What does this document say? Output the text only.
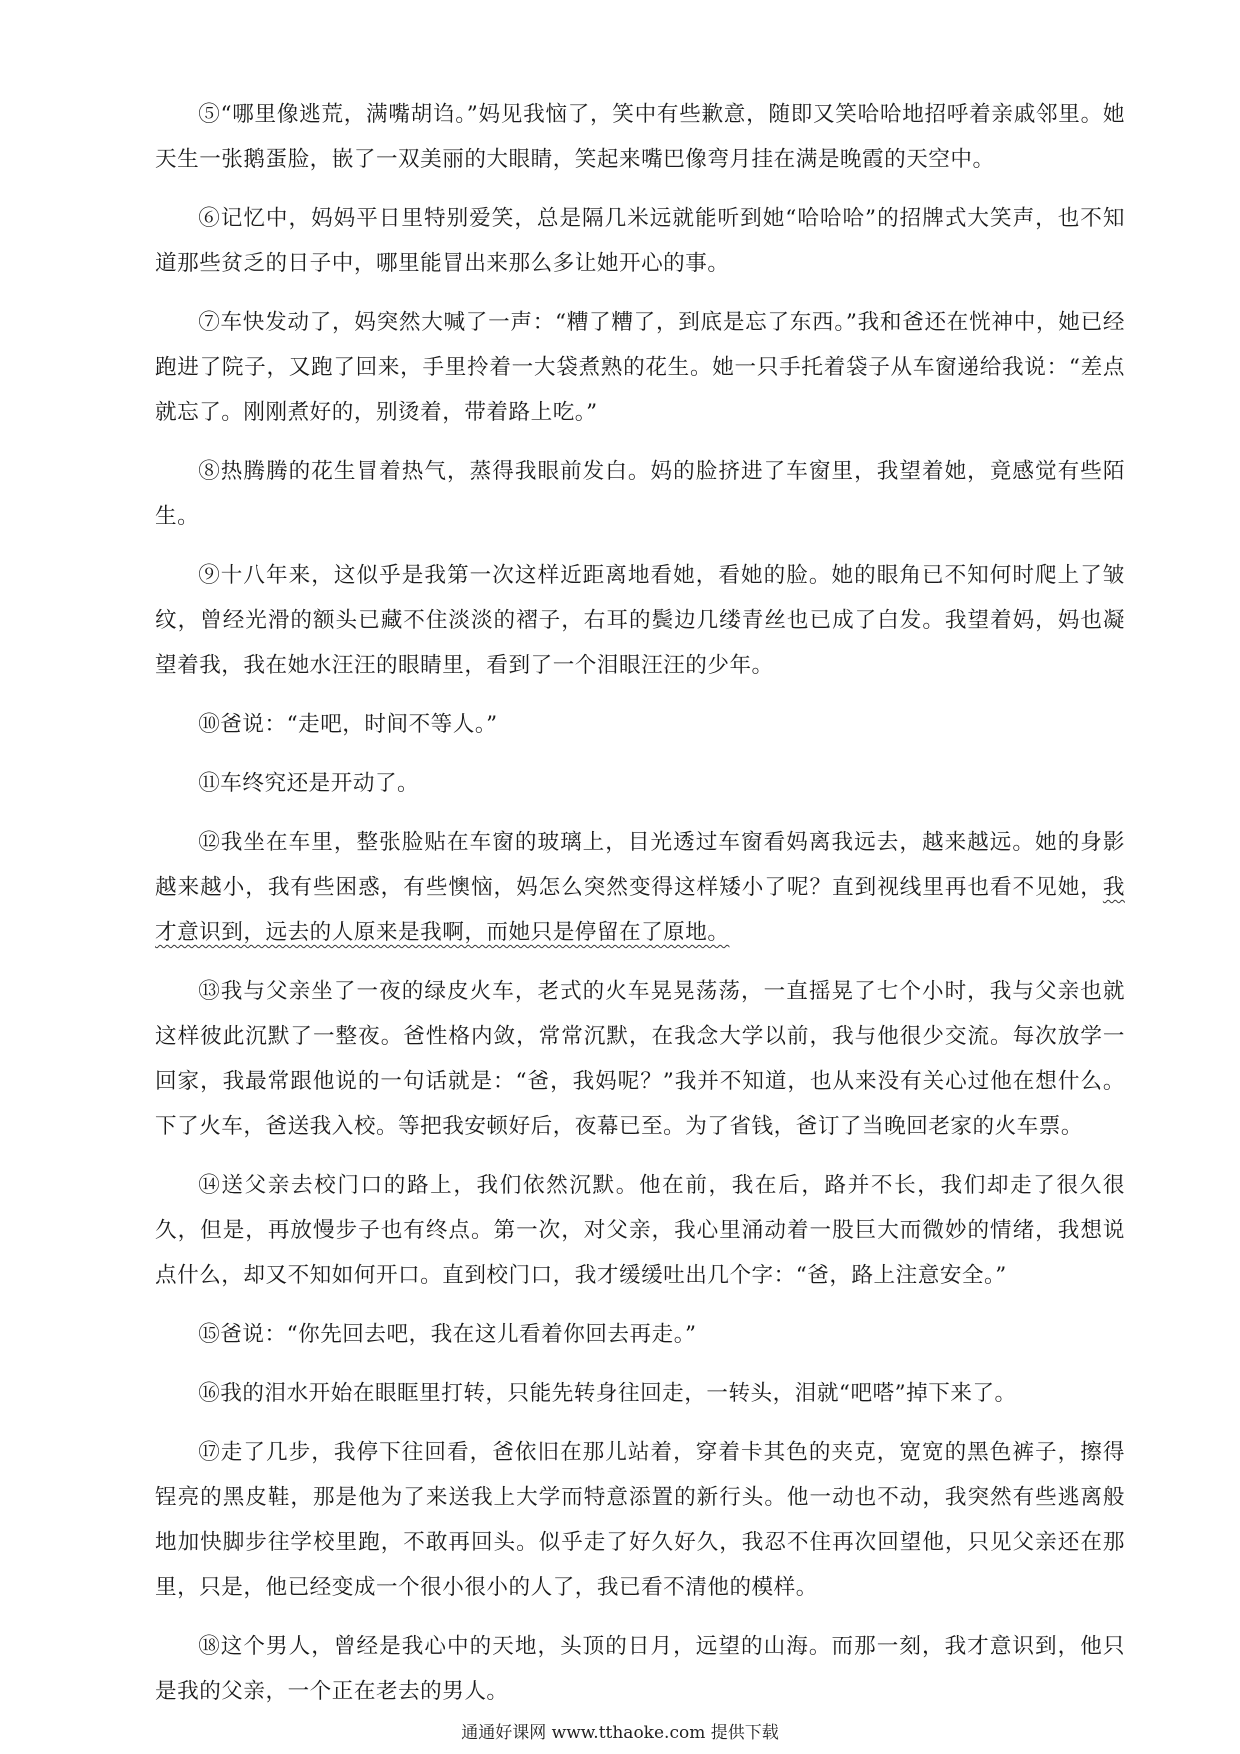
⑤“哪里像逃荒，满嘴胡诌。”妈见我恼了，笑中有些歉意，随即又笑哈哈地招呼着亲戚邻里。她天生一张鹅蛋脸，嵌了一双美丽的大眼睛，笑起来嘴巴像弯月挂在满是晚霞的天空中。

⑥记忆中，妈妈平日里特别爱笑，总是隔几米远就能听到她“哈哈哈”的招牌式大笑声，也不知道那些贫乏的日子中，哪里能冒出来那么多让她开心的事。

⑦车快发动了，妈突然大喊了一声：“糟了糟了，到底是忘了东西。”我和爸还在恍神中，她已经跑进了院子，又跑了回来，手里拎着一大袋煮熟的花生。她一只手托着袋子从车窗递给我说：“差点就忘了。刚刚煮好的，别烫着，带着路上吃。”

⑧热腾腾的花生冒着热气，蒸得我眼前发白。妈的脸挤进了车窗里，我望着她，竟感觉有些陌生。

⑨十八年来，这似乎是我第一次这样近距离地看她，看她的脸。她的眼角已不知何时爬上了皱纹，曾经光滑的额头已藏不住淡淡的褶子，右耳的鬓边几缕青丝也已成了白发。我望着妈，妈也凝望着我，我在她水汪汪的眼睛里，看到了一个泪眼汪汪的少年。

⑩爸说：“走吧，时间不等人。”

⑪车终究还是开动了。

⑫我坐在车里，整张脸贴在车窗的玻璃上，目光透过车窗看妈离我远去，越来越远。她的身影越来越小，我有些困惑，有些懊恼，妈怎么突然变得这样矮小了呢？直到视线里再也看不见她，我才意识到，远去的人原来是我啊，而她只是停留在了原地。

⑬我与父亲坐了一夜的绿皮火车，老式的火车晃晃荡荡，一直摇晃了七个小时，我与父亲也就这样彼此沉默了一整夜。爸性格内敛，常常沉默，在我念大学以前，我与他很少交流。每次放学一回家，我最常跟他说的一句话就是：“爸，我妈呢？”我并不知道，也从来没有关心过他在想什么。下了火车，爸送我入校。等把我安顿好后，夜幕已至。为了省钱，爸订了当晚回老家的火车票。

⑭送父亲去校门口的路上，我们依然沉默。他在前，我在后，路并不长，我们却走了很久很久，但是，再放慢步子也有终点。第一次，对父亲，我心里涌动着一股巨大而微妙的情绪，我想说点什么，却又不知如何开口。直到校门口，我才缓缓吐出几个字：“爸，路上注意安全。”

⑮爸说：“你先回去吧，我在这儿看着你回去再走。”

⑯我的泪水开始在眼眶里打转，只能先转身往回走，一转头，泪就“吧嗒”掉下来了。

⑰走了几步，我停下往回看，爸依旧在那儿站着，穿着卡其色的夹克，宽宽的黑色裤子，擦得锃亮的黑皮鞋，那是他为了来送我上大学而特意添置的新行头。他一动也不动，我突然有些逃离般地加快脚步往学校里跑，不敢再回头。似乎走了好久好久，我忍不住再次回望他，只见父亲还在那里，只是，他已经变成一个很小很小的人了，我已看不清他的模样。

⑱这个男人，曾经是我心中的天地，头顶的日月，远望的山海。而那一刻，我才意识到，他只是我的父亲，一个正在老去的男人。

通通好课网 www.tthaoke.com 提供下载
